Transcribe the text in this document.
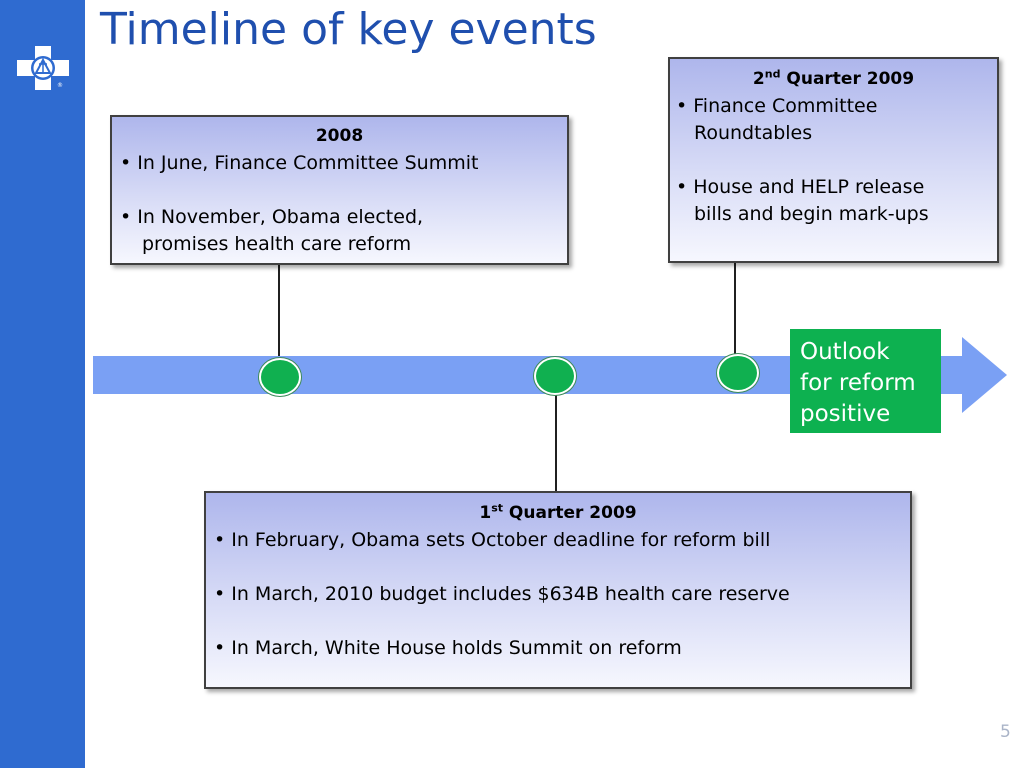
®
Timeline of key events
2008
• In June, Finance Committee Summit
• In November, Obama elected,
promises health care reform
2nd Quarter 2009
• Finance Committee
Roundtables
• House and HELP release
bills and begin mark-ups
1st Quarter 2009
• In February, Obama sets October deadline for reform bill
• In March, 2010 budget includes $634B health care reserve
• In March, White House holds Summit on reform
Outlook
for reform
positive
5
